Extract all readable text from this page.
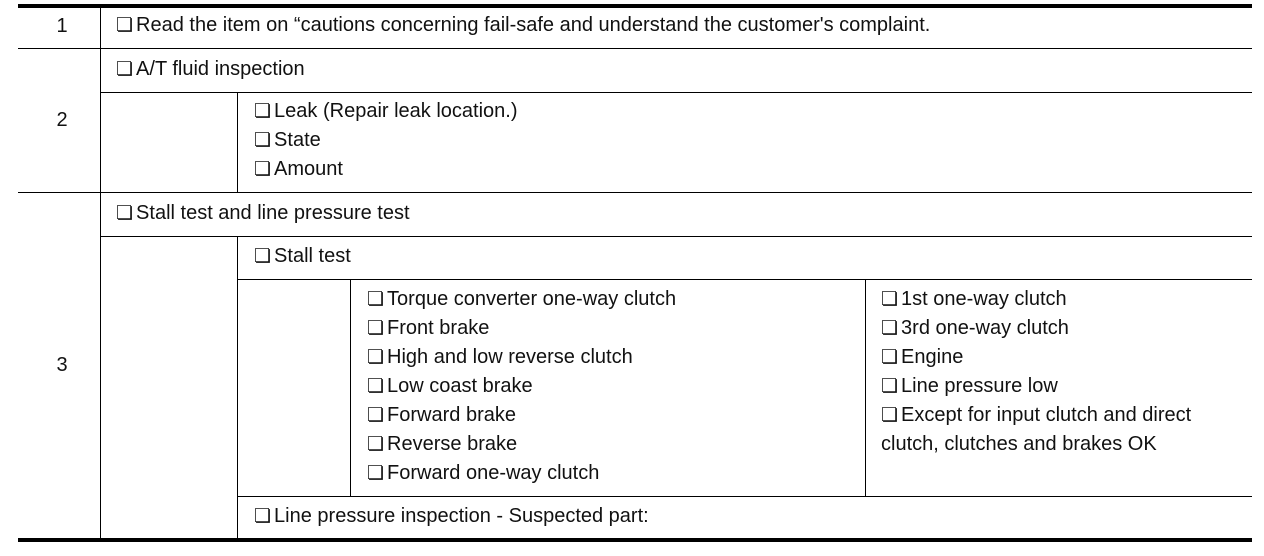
1	❏ Read the item on “cautions concerning fail-safe and understand the customer's complaint.
2
❏ A/T fluid inspection
❏ Leak (Repair leak location.)
❏ State
❏ Amount
3
❏ Stall test and line pressure test
❏ Stall test
❏ Torque converter one-way clutch
❏ Front brake
❏ High and low reverse clutch
❏ Low coast brake
❏ Forward brake
❏ Reverse brake
❏ Forward one-way clutch
❏ 1st one-way clutch
❏ 3rd one-way clutch
❏ Engine
❏ Line pressure low
❏ Except for input clutch and direct
clutch, clutches and brakes OK
❏ Line pressure inspection - Suspected part:
